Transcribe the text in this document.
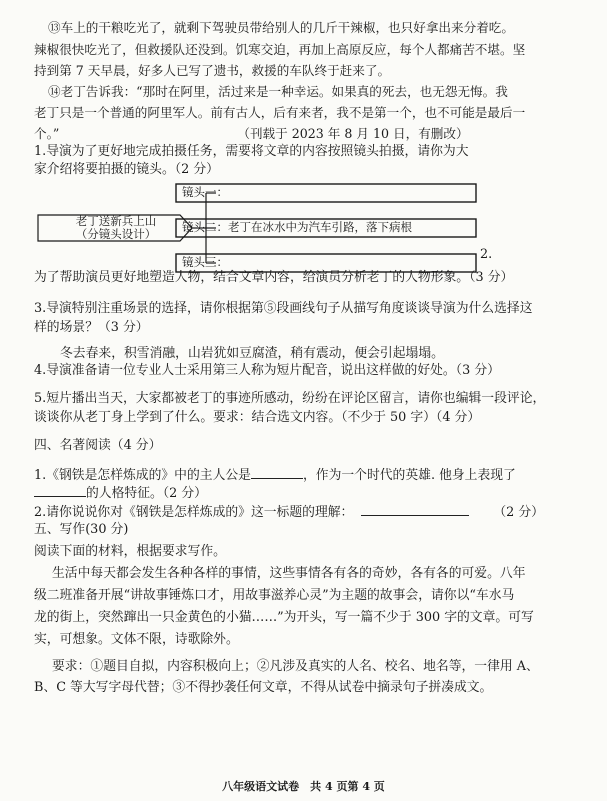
⑬车上的干粮吃光了，就剩下驾驶员带给别人的几斤干辣椒，也只好拿出来分着吃。
辣椒很快吃光了，但救援队还没到。饥寒交迫，再加上高原反应，每个人都痛苦不堪。坚
持到第 7 天早晨，好多人已写了遗书，救援的车队终于赶来了。
⑭老丁告诉我：“那时在阿里，活过来是一种幸运。如果真的死去，也无怨无悔。我
老丁只是一个普通的阿里军人。前有古人，后有来者，我不是第一个，也不可能是最后一
个。”	（刊载于 2023 年 8 月 10 日，有删改）
1.导演为了更好地完成拍摄任务，需要将文章的内容按照镜头拍摄，请你为大
家介绍将要拍摄的镜头。（2 分）
老丁送新兵上山
（分镜头设计）
镜头一：
镜头二：老丁在冰水中为汽车引路，落下病根
镜头三：	2.
为了帮助演员更好地塑造人物，结合文章内容，给演员分析老丁的人物形象。（3 分）
3.导演特别注重场景的选择，请你根据第⑤段画线句子从描写角度谈谈导演为什么选择这
样的场景？（3 分）
冬去春来，积雪消融，山岩犹如豆腐渣，稍有震动，便会引起塌塌。
4.导演准备请一位专业人士采用第三人称为短片配音，说出这样做的好处。（3 分）
5.短片播出当天，大家都被老丁的事迹所感动，纷纷在评论区留言，请你也编辑一段评论，
谈谈你从老丁身上学到了什么。要求：结合选文内容。（不少于 50 字）（4 分）
四、名著阅读（4 分）
1.《钢铁是怎样炼成的》中的主人公是	，作为一个时代的英雄. 他身上表现了
的人格特征。（2 分）
2.请你说说你对《钢铁是怎样炼成的》这一标题的理解：	（2 分）
五、写作(30 分)
阅读下面的材料，根据要求写作。
生活中每天都会发生各种各样的事情，这些事情各有各的奇妙，各有各的可爱。八年
级二班准备开展“讲故事锤炼口才，用故事滋养心灵”为主题的故事会，请你以“车水马
龙的街上，突然蹿出一只金黄色的小猫……”为开头，写一篇不少于 300 字的文章。可写
实，可想象。文体不限，诗歌除外。
要求：①题目自拟，内容积极向上；②凡涉及真实的人名、校名、地名等，一律用 A、
B、C 等大写字母代替；③不得抄袭任何文章，不得从试卷中摘录句子拼凑成文。
八年级语文试卷　共 4 页第 4 页
